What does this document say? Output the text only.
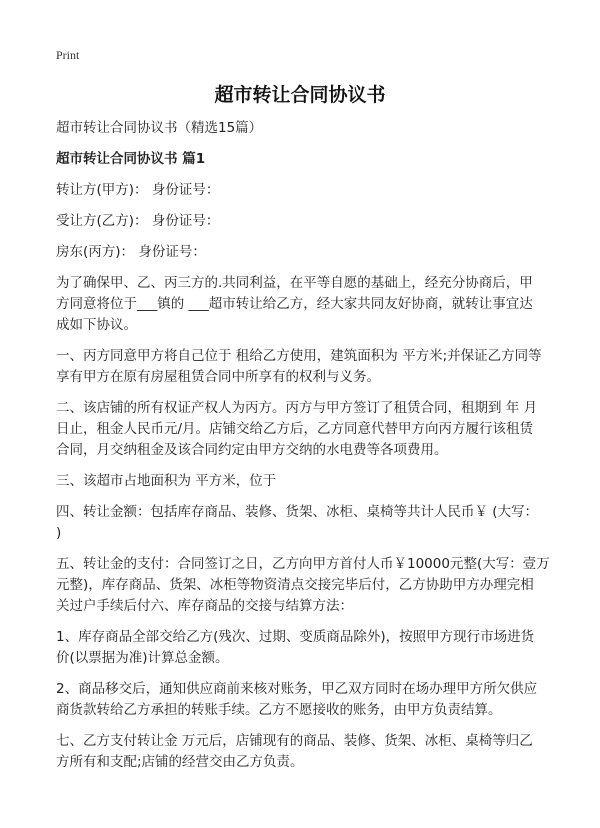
Print
超市转让合同协议书

超市转让合同协议书（精选15篇）

超市转让合同协议书 篇1

转让方(甲方)： 身份证号：

受让方(乙方)： 身份证号：

房东(丙方)： 身份证号：

为了确保甲、乙、丙三方的.共同利益，在平等自愿的基础上，经充分协商后，甲
方同意将位于___镇的 ___超市转让给乙方，经大家共同友好协商，就转让事宜达
成如下协议。

一、丙方同意甲方将自己位于 租给乙方使用，建筑面积为 平方米;并保证乙方同等
享有甲方在原有房屋租赁合同中所享有的权利与义务。

二、该店铺的所有权证产权人为丙方。丙方与甲方签订了租赁合同，租期到 年 月
日止，租金人民币元/月。店铺交给乙方后，乙方同意代替甲方向丙方履行该租赁
合同，月交纳租金及该合同约定由甲方交纳的水电费等各项费用。

三、该超市占地面积为 平方米，位于

四、转让金额：包括库存商品、装修、货架、冰柜、桌椅等共计人民币￥ (大写：
)

五、转让金的支付：合同签订之日，乙方向甲方首付人币￥10000元整(大写：壹万
元整)，库存商品、货架、冰柜等物资清点交接完毕后付，乙方协助甲方办理完相
关过户手续后付六、库存商品的交接与结算方法：

1、库存商品全部交给乙方(残次、过期、变质商品除外)，按照甲方现行市场进货
价(以票据为准)计算总金额。

2、商品移交后，通知供应商前来核对账务，甲乙双方同时在场办理甲方所欠供应
商货款转给乙方承担的转账手续。乙方不愿接收的账务，由甲方负责结算。

七、乙方支付转让金 万元后，店铺现有的商品、装修、货架、冰柜、桌椅等归乙
方所有和支配;店铺的经营交由乙方负责。
